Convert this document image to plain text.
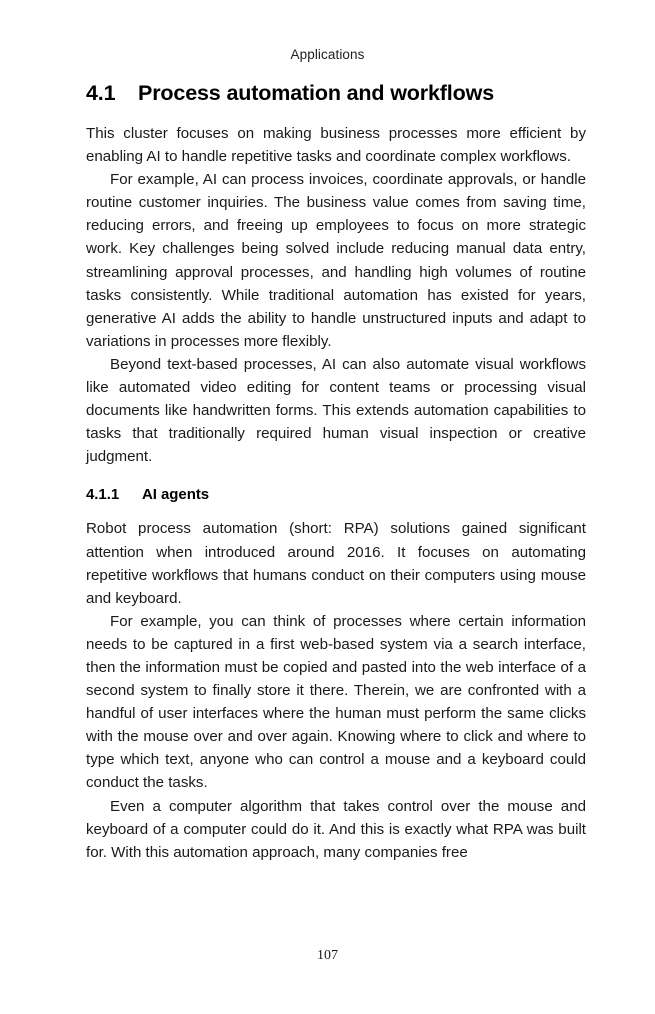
Applications
4.1	Process automation and workflows

This cluster focuses on making business processes more efficient by enabling AI to handle repetitive tasks and coordinate complex workflows.

For example, AI can process invoices, coordinate approvals, or handle routine customer inquiries. The business value comes from saving time, reducing errors, and freeing up employees to focus on more strategic work. Key challenges being solved include reducing manual data entry, streamlining approval processes, and handling high volumes of routine tasks consistently. While traditional automation has existed for years, generative AI adds the ability to handle unstructured inputs and adapt to variations in processes more flexibly.

Beyond text-based processes, AI can also automate visual workflows like automated video editing for content teams or processing visual documents like handwritten forms. This extends automation capabilities to tasks that traditionally required human visual inspection or creative judgment.

4.1.1	AI agents

Robot process automation (short: RPA) solutions gained significant attention when introduced around 2016. It focuses on automating repetitive workflows that humans conduct on their computers using mouse and keyboard.

For example, you can think of processes where certain information needs to be captured in a first web-based system via a search interface, then the information must be copied and pasted into the web interface of a second system to finally store it there. Therein, we are confronted with a handful of user interfaces where the human must perform the same clicks with the mouse over and over again. Knowing where to click and where to type which text, anyone who can control a mouse and a keyboard could conduct the tasks.

Even a computer algorithm that takes control over the mouse and keyboard of a computer could do it. And this is exactly what RPA was built for. With this automation approach, many companies free

107
